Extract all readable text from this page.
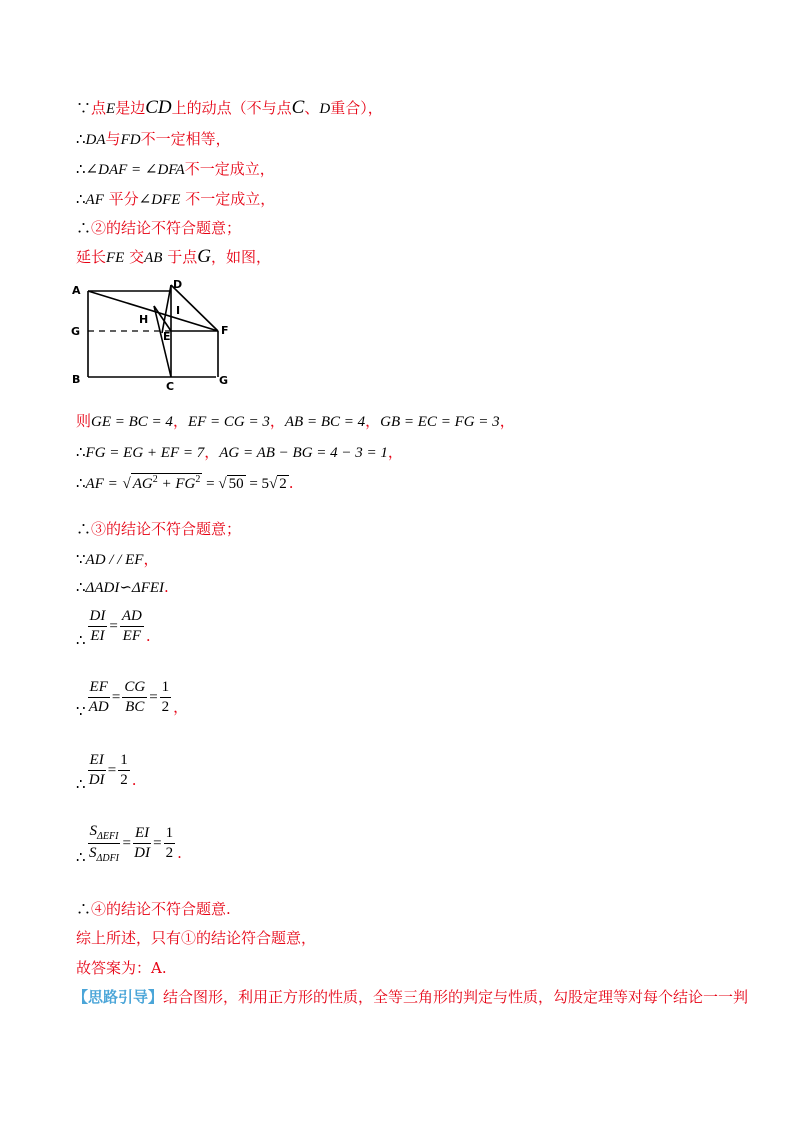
∵点E是边CD上的动点（不与点C、D重合），
∴DA与FD不一定相等，
∴∠DAF = ∠DFA不一定成立，
∴AF 平分∠DFE 不一定成立，
∴②的结论不符合题意；
延长FE 交AB 于点G，如图，
A	D
G
H
I
E	F
B
C	G
则GE = BC = 4，EF = CG = 3，AB = BC = 4，GB = EC = FG = 3，
∴FG = EG + EF = 7，AG = AB − BG = 4 − 3 = 1，
∴AF = √ $AG^2 + FG^2$ = √ 50 = 5√ 2 .
∴③的结论不符合题意；
∵AD / / EF，
∴ΔADI∽ΔFEI.
∴ $\frac{DI}{EI} = \frac{AD}{EF}$ .
∵ $\frac{EF}{AD} = \frac{CG}{BC} = \frac{1}{2}$ ，
∴ $\frac{EI}{DI} = \frac{1}{2}$ .
∴ $\frac{S_{\Delta EFI}}{S_{\Delta DFI}} = \frac{EI}{DI} = \frac{1}{2}$ .
∴④的结论不符合题意.
综上所述，只有①的结论符合题意，
故答案为：A.
【思路引导】结合图形，利用正方形的性质，全等三角形的判定与性质，勾股定理等对每个结论一一判
